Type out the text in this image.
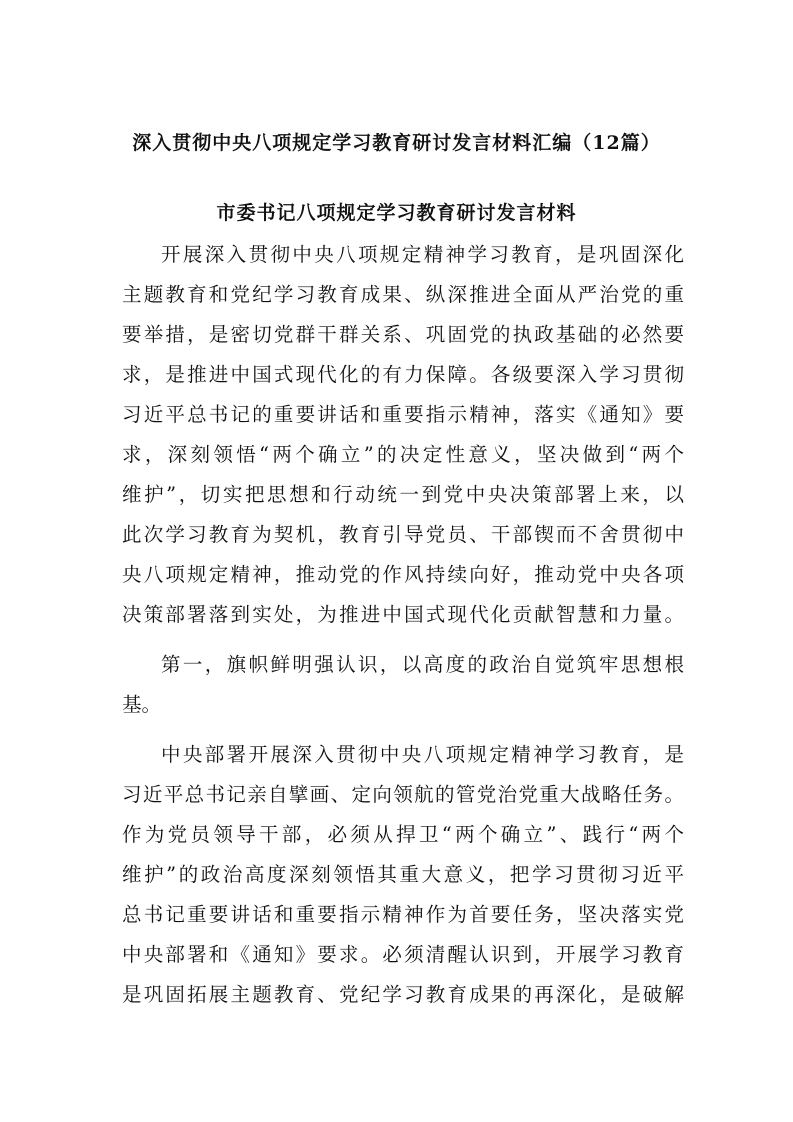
深入贯彻中央八项规定学习教育研讨发言材料汇编（12篇）
市委书记八项规定学习教育研讨发言材料

开展深入贯彻中央八项规定精神学习教育，是巩固深化

主题教育和党纪学习教育成果、纵深推进全面从严治党的重

要举措，是密切党群干群关系、巩固党的执政基础的必然要

求，是推进中国式现代化的有力保障。各级要深入学习贯彻

习近平总书记的重要讲话和重要指示精神，落实《通知》要

求，深刻领悟“两个确立”的决定性意义，坚决做到“两个

维护”，切实把思想和行动统一到党中央决策部署上来，以

此次学习教育为契机，教育引导党员、干部锲而不舍贯彻中

央八项规定精神，推动党的作风持续向好，推动党中央各项

决策部署落到实处，为推进中国式现代化贡献智慧和力量。

第一，旗帜鲜明强认识，以高度的政治自觉筑牢思想根

基。

中央部署开展深入贯彻中央八项规定精神学习教育，是

习近平总书记亲自擘画、定向领航的管党治党重大战略任务。

作为党员领导干部，必须从捍卫“两个确立”、践行“两个

维护”的政治高度深刻领悟其重大意义，把学习贯彻习近平

总书记重要讲话和重要指示精神作为首要任务，坚决落实党

中央部署和《通知》要求。必须清醒认识到，开展学习教育

是巩固拓展主题教育、党纪学习教育成果的再深化，是破解
